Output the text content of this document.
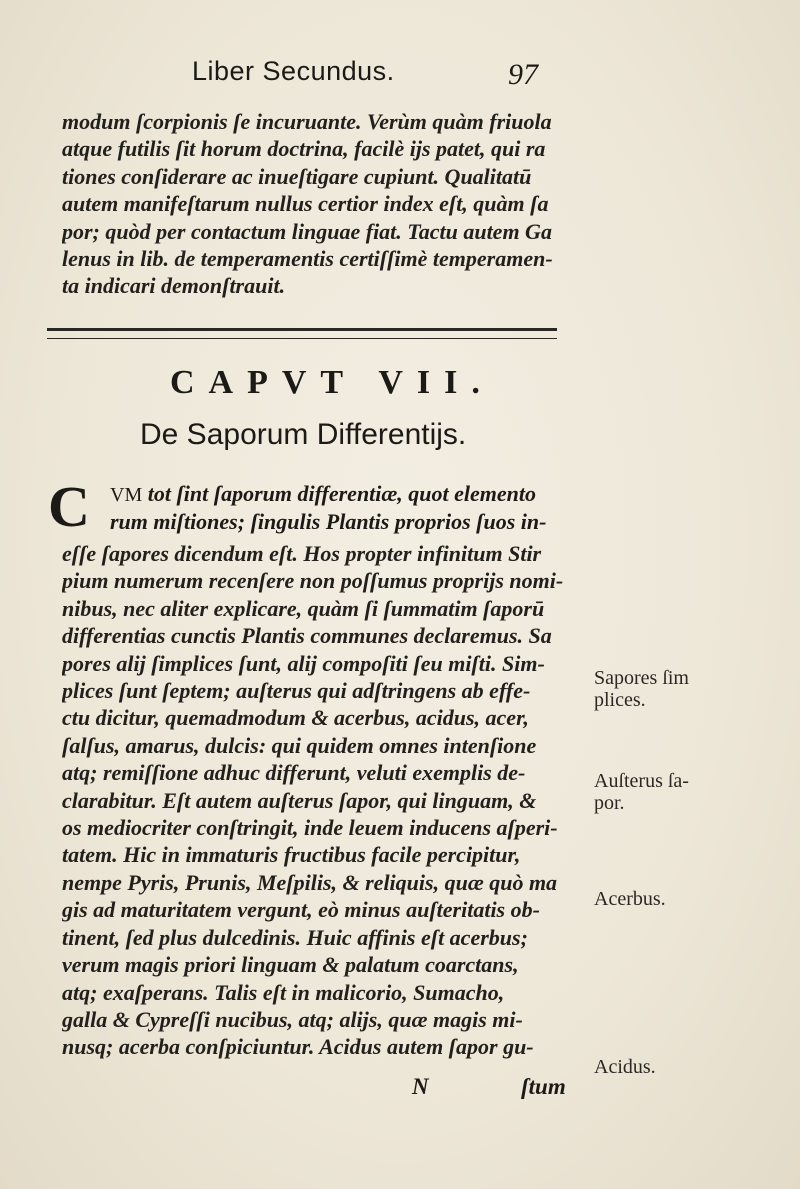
Liber Secundus.	97
modum ſcorpionis ſe incuruante. Verùm quàm friuola
atque futilis ſit horum doctrina, facilè ijs patet, qui ra
tiones conſiderare ac inueſtigare cupiunt. Qualitatū
autem manifeſtarum nullus certior index eſt, quàm ſa
por; quòd per contactum linguae fiat. Tactu autem Ga
lenus in lib. de temperamentis certiſſimè temperamen-
ta indicari demonſtrauit.
CAPVT VII.
De Saporum Differentijs.
C VM tot ſint ſaporum differentiæ, quot elemento
rum miſtiones; ſingulis Plantis proprios ſuos in-
eſſe ſapores dicendum eſt. Hos propter infinitum Stir
pium numerum recenſere non poſſumus proprijs nomi-
nibus, nec aliter explicare, quàm ſi ſummatim ſaporū
differentias cunctis Plantis communes declaremus. Sa
pores alij ſimplices ſunt, alij compoſiti ſeu miſti. Sim-
plices ſunt ſeptem; auſterus qui adſtringens ab effe-
ctu dicitur, quemadmodum & acerbus, acidus, acer,
ſalſus, amarus, dulcis: qui quidem omnes intenſione
atq; remiſſione adhuc differunt, veluti exemplis de-
clarabitur. Eſt autem auſterus ſapor, qui linguam, &
os mediocriter conſtringit, inde leuem inducens aſperi-
tatem. Hic in immaturis fructibus facile percipitur,
nempe Pyris, Prunis, Meſpilis, & reliquis, quæ quò ma
gis ad maturitatem vergunt, eò minus auſteritatis ob-
tinent, ſed plus dulcedinis. Huic affinis eſt acerbus;
verum magis priori linguam & palatum coarctans,
atq; exaſperans. Talis eſt in malicorio, Sumacho,
galla & Cypreſſi nucibus, atq; alijs, quæ magis mi-
nusq; acerba conſpiciuntur. Acidus autem ſapor gu-
Sapores ſim plices.
Auſterus ſa- por.
Acerbus.
Acidus.
N	ſtum
